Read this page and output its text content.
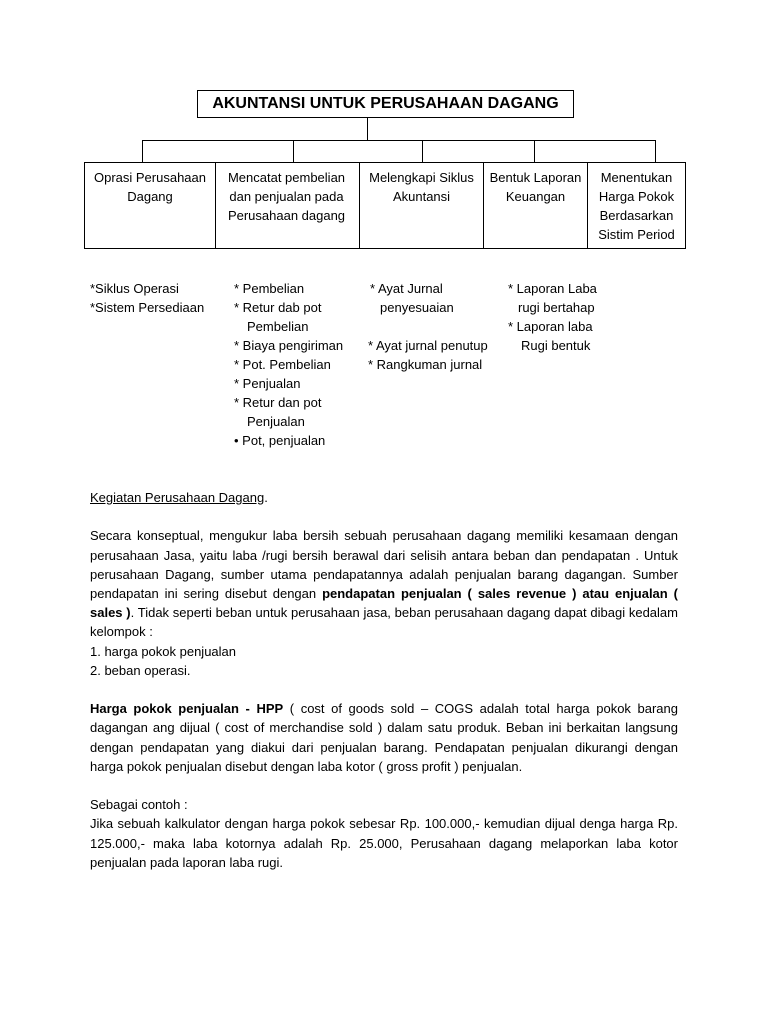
AKUNTANSI UNTUK PERUSAHAAN DAGANG
Oprasi Perusahaan Dagang
Mencatat pembelian dan penjualan pada Perusahaan dagang
Melengkapi Siklus Akuntansi
Bentuk Laporan Keuangan
Menentukan Harga Pokok Berdasarkan Sistim Period
*Siklus Operasi
*Sistem Persediaan
* Pembelian
* Retur dab pot
Pembelian
* Biaya pengiriman
* Pot. Pembelian
* Penjualan
* Retur dan pot
Penjualan
• Pot, penjualan
* Ayat Jurnal
penyesuaian
* Ayat jurnal penutup
* Rangkuman jurnal
* Laporan Laba
rugi bertahap
* Laporan laba
Rugi bentuk

Kegiatan Perusahaan Dagang.

Secara konseptual, mengukur laba bersih sebuah perusahaan dagang memiliki kesamaan dengan perusahaan Jasa, yaitu laba /rugi bersih berawal dari selisih antara beban dan pendapatan . Untuk perusahaan Dagang, sumber utama pendapatannya adalah penjualan barang dagangan. Sumber pendapatan ini sering disebut dengan pendapatan penjualan ( sales revenue ) atau enjualan ( sales ). Tidak seperti beban untuk perusahaan jasa, beban perusahaan dagang dapat dibagi kedalam kelompok :

1. harga pokok penjualan

2. beban operasi.

Harga pokok penjualan - HPP ( cost of goods sold – COGS adalah total harga pokok barang dagangan ang dijual ( cost of merchandise sold ) dalam satu produk. Beban ini berkaitan langsung dengan pendapatan yang diakui dari penjualan barang. Pendapatan penjualan dikurangi dengan harga pokok penjualan disebut dengan laba kotor ( gross profit ) penjualan.

Sebagai contoh :

Jika sebuah kalkulator dengan harga pokok sebesar Rp. 100.000,- kemudian dijual denga harga Rp. 125.000,- maka laba kotornya adalah Rp. 25.000, Perusahaan dagang melaporkan laba kotor penjualan pada laporan laba rugi.
